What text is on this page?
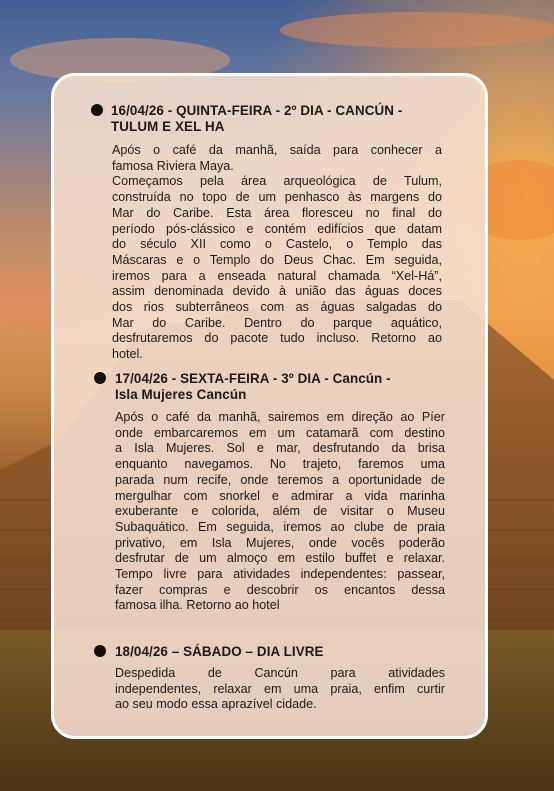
16/04/26 - QUINTA-FEIRA - 2º DIA - CANCÚN -
TULUM E XEL HA
Após o café da manhã, saída para conhecer a
famosa Riviera Maya.
Começamos pela área arqueológica de Tulum,
construída no topo de um penhasco às margens do
Mar do Caribe. Esta área floresceu no final do
período pós-clássico e contém edifícios que datam
do século XII como o Castelo, o Templo das
Máscaras e o Templo do Deus Chac. Em seguida,
iremos para a enseada natural chamada “Xel-Há”,
assim denominada devido à união das águas doces
dos rios subterrâneos com as águas salgadas do
Mar do Caribe. Dentro do parque aquático,
desfrutaremos do pacote tudo incluso. Retorno ao
hotel.
17/04/26 - SEXTA-FEIRA - 3º DIA - Cancún -
Isla Mujeres Cancún
Após o café da manhã, sairemos em direção ao Píer
onde embarcaremos em um catamarã com destino
a Isla Mujeres. Sol e mar, desfrutando da brisa
enquanto navegamos. No trajeto, faremos uma
parada num recife, onde teremos a oportunidade de
mergulhar com snorkel e admirar a vida marinha
exuberante e colorida, além de visitar o Museu
Subaquático. Em seguida, iremos ao clube de praia
privativo, em Isla Mujeres, onde vocês poderão
desfrutar de um almoço em estilo buffet e relaxar.
Tempo livre para atividades independentes: passear,
fazer compras e descobrir os encantos dessa
famosa ilha. Retorno ao hotel
18/04/26 – SÁBADO – DIA LIVRE
Despedida de Cancún para atividades
independentes, relaxar em uma praia, enfim curtir
ao seu modo essa aprazível cidade.
